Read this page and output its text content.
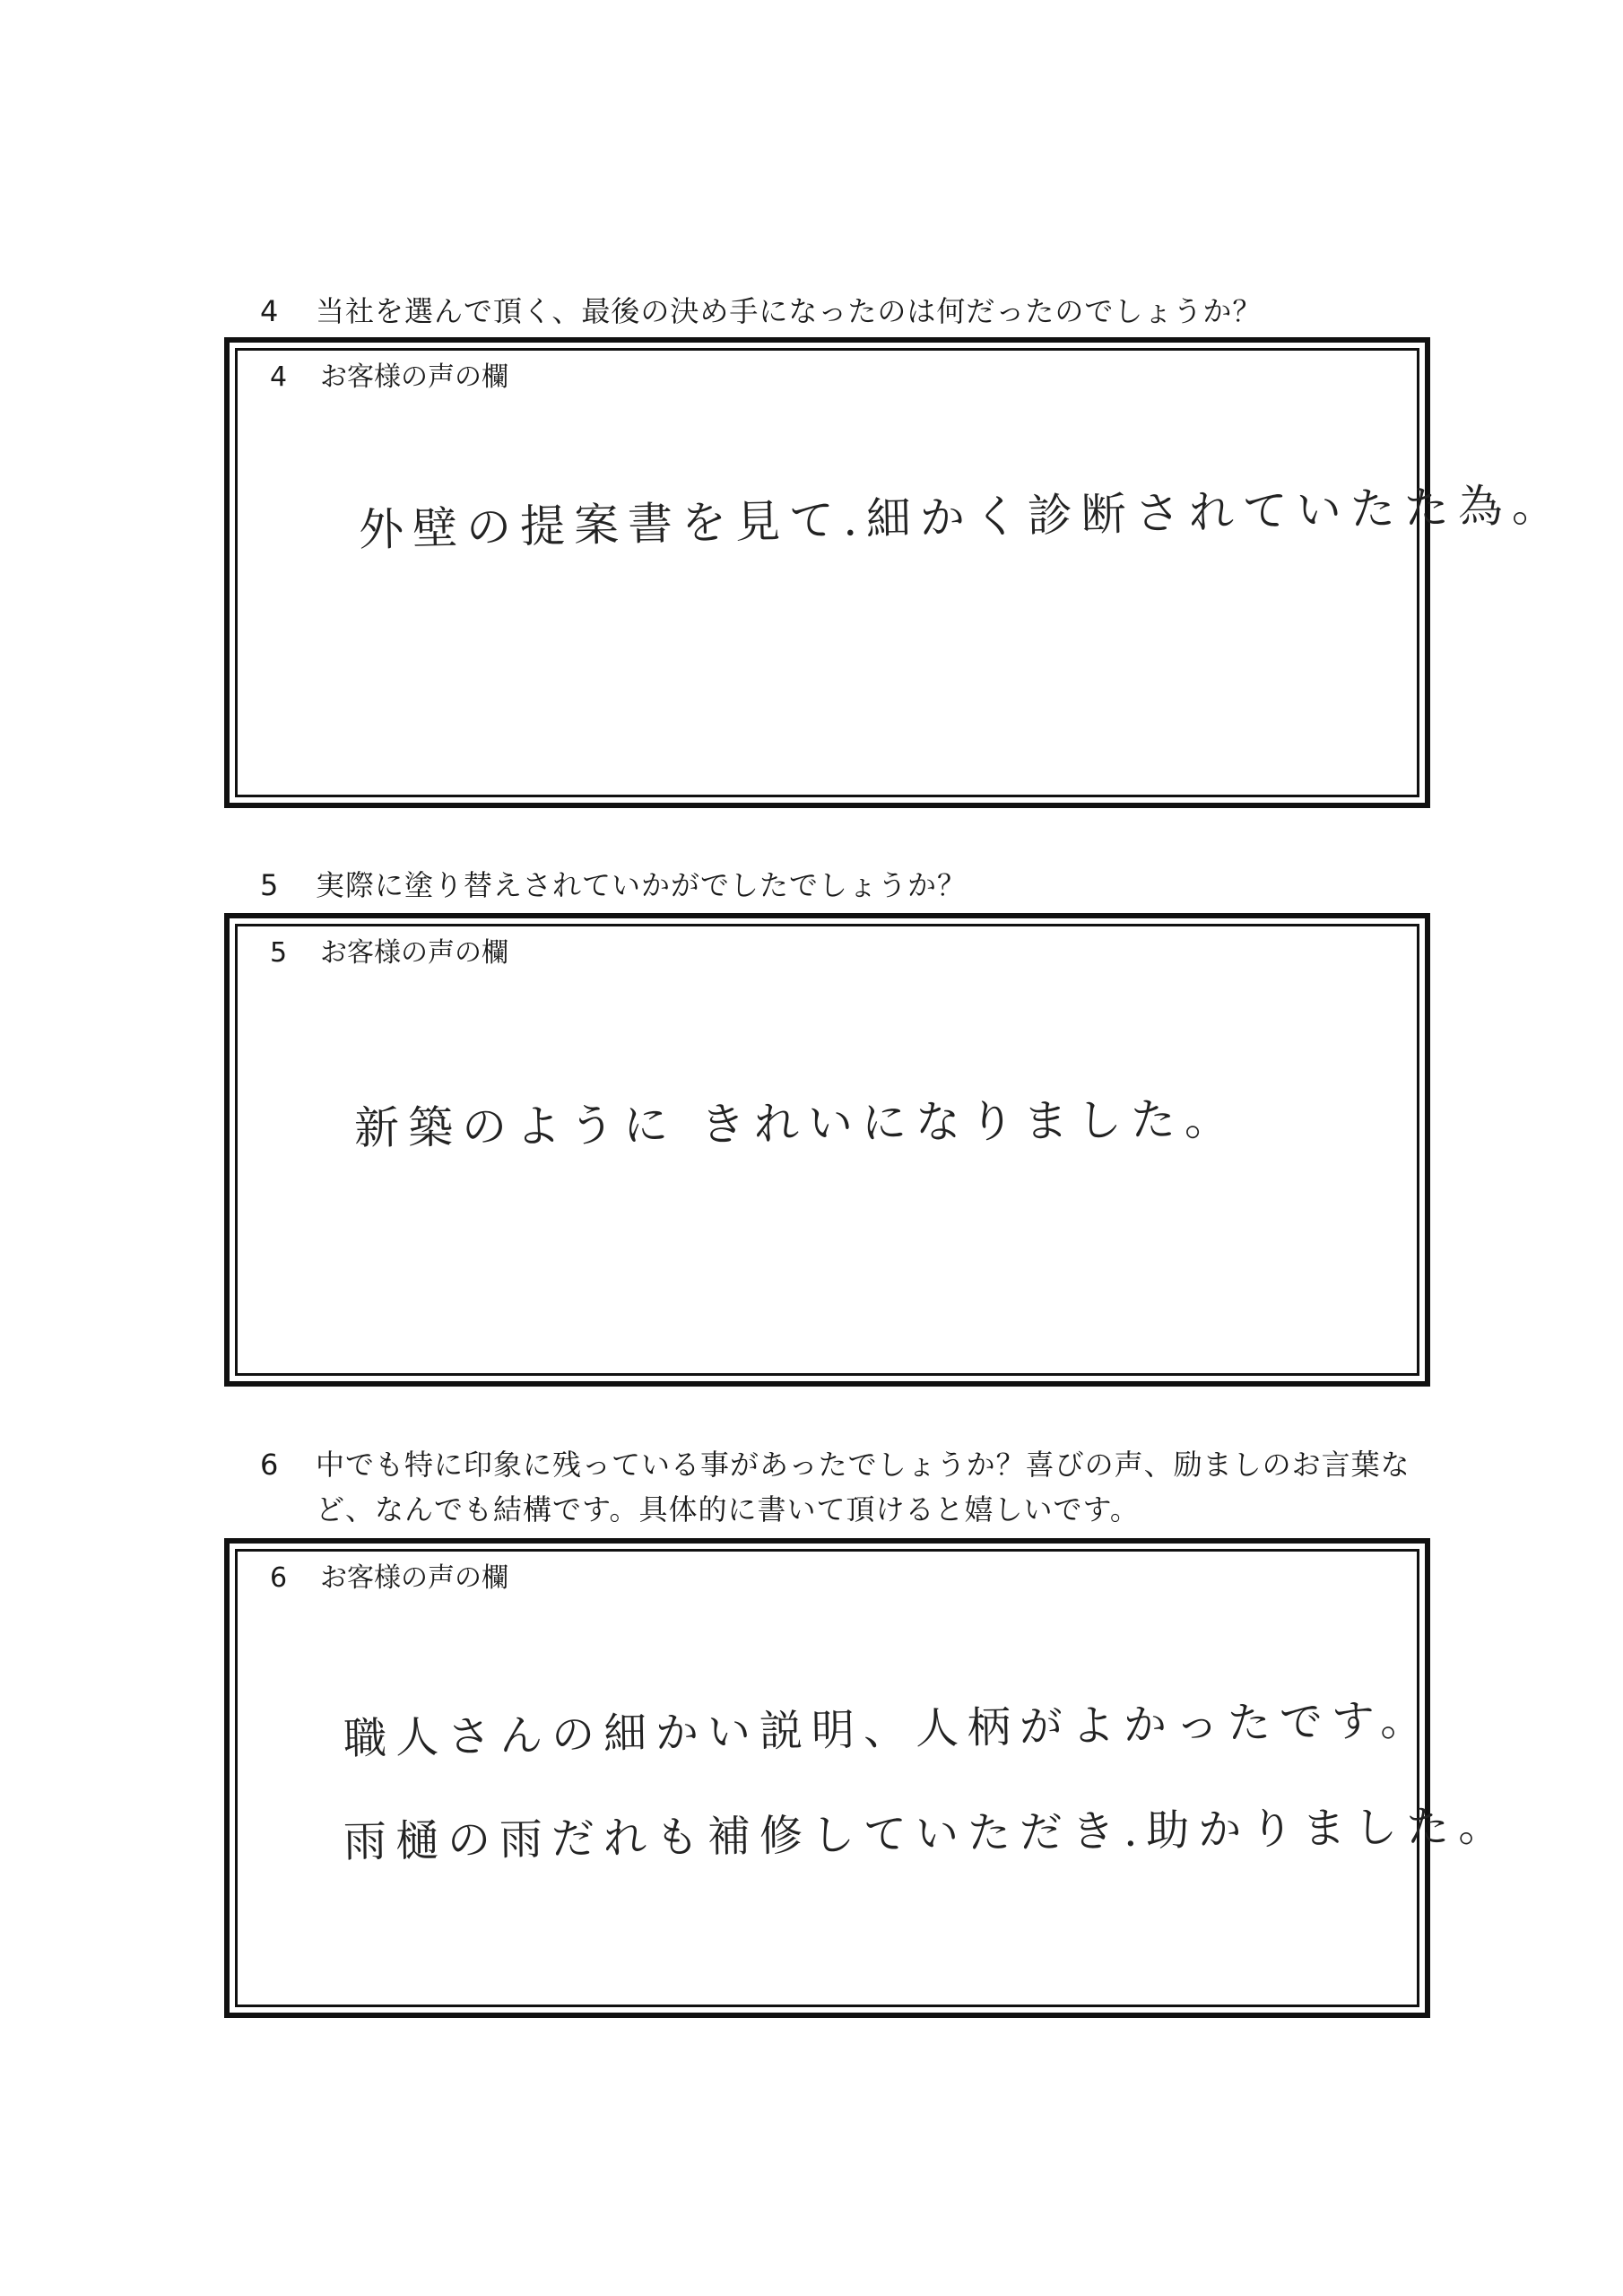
4	当社を選んで頂く、最後の決め手になったのは何だったのでしょうか？
4	お客様の声の欄
外壁の提案書を見て.細かく診断されていたた為。
5	実際に塗り替えされていかがでしたでしょうか？
5	お客様の声の欄
新築のように きれいになりました。
6	中でも特に印象に残っている事があったでしょうか？喜びの声、励ましのお言葉など、なんでも結構です。具体的に書いて頂けると嬉しいです。
6	お客様の声の欄
職人さんの細かい説明、人柄がよかったです。
雨樋の雨だれも補修していただき.助かりました。
